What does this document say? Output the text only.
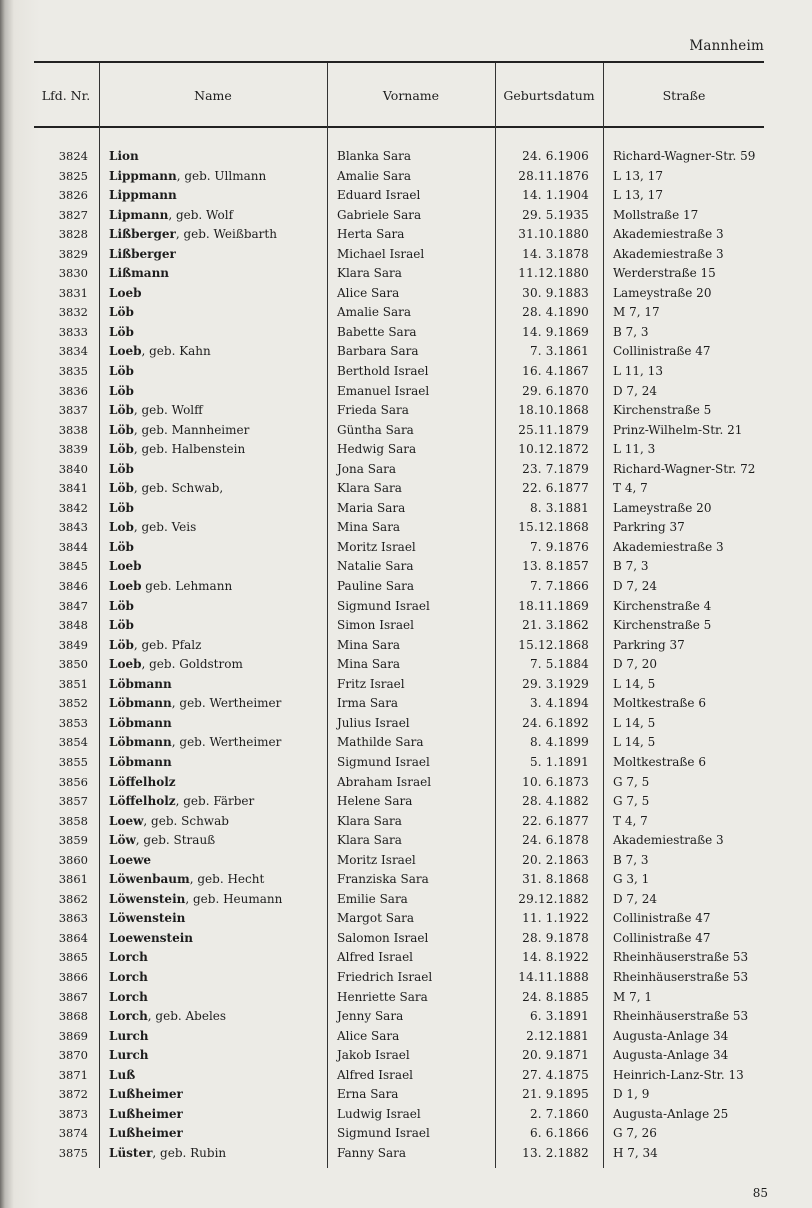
Mannheim
Lfd. Nr.	Name	Vorname	Geburtsdatum	Straße
3824 Lion	Blanka Sara	24. 6.1906 Richard-Wagner-Str. 59
3825 Lippmann, geb. Ullmann	Amalie Sara	28.11.1876 L 13, 17
3826 Lippmann	Eduard Israel	14. 1.1904 L 13, 17
3827 Lipmann, geb. Wolf	Gabriele Sara	29. 5.1935 Mollstraße 17
3828 Lißberger, geb. Weißbarth	Herta Sara	31.10.1880 Akademiestraße 3
3829 Lißberger	Michael Israel	14. 3.1878 Akademiestraße 3
3830 Lißmann	Klara Sara	11.12.1880 Werderstraße 15
3831 Loeb	Alice Sara	30. 9.1883 Lameystraße 20
3832 Löb	Amalie Sara	28. 4.1890 M 7, 17
3833 Löb	Babette Sara	14. 9.1869 B 7, 3
3834 Loeb, geb. Kahn	Barbara Sara	7. 3.1861 Collinistraße 47
3835 Löb	Berthold Israel	16. 4.1867 L 11, 13
3836 Löb	Emanuel Israel	29. 6.1870 D 7, 24
3837 Löb, geb. Wolff	Frieda Sara	18.10.1868 Kirchenstraße 5
3838 Löb, geb. Mannheimer	Güntha Sara	25.11.1879 Prinz-Wilhelm-Str. 21
3839 Löb, geb. Halbenstein	Hedwig Sara	10.12.1872 L 11, 3
3840 Löb	Jona Sara	23. 7.1879 Richard-Wagner-Str. 72
3841 Löb, geb. Schwab,	Klara Sara	22. 6.1877 T 4, 7
3842 Löb	Maria Sara	8. 3.1881 Lameystraße 20
3843 Lob, geb. Veis	Mina Sara	15.12.1868 Parkring 37
3844 Löb	Moritz Israel	7. 9.1876 Akademiestraße 3
3845 Loeb	Natalie Sara	13. 8.1857 B 7, 3
3846 Loeb geb. Lehmann	Pauline Sara	7. 7.1866 D 7, 24
3847 Löb	Sigmund Israel	18.11.1869 Kirchenstraße 4
3848 Löb	Simon Israel	21. 3.1862 Kirchenstraße 5
3849 Löb, geb. Pfalz	Mina Sara	15.12.1868 Parkring 37
3850 Loeb, geb. Goldstrom	Mina Sara	7. 5.1884 D 7, 20
3851 Löbmann	Fritz Israel	29. 3.1929 L 14, 5
3852 Löbmann, geb. Wertheimer	Irma Sara	3. 4.1894 Moltkestraße 6
3853 Löbmann	Julius Israel	24. 6.1892 L 14, 5
3854 Löbmann, geb. Wertheimer	Mathilde Sara	8. 4.1899 L 14, 5
3855 Löbmann	Sigmund Israel	5. 1.1891 Moltkestraße 6
3856 Löffelholz	Abraham Israel	10. 6.1873 G 7, 5
3857 Löffelholz, geb. Färber	Helene Sara	28. 4.1882 G 7, 5
3858 Loew, geb. Schwab	Klara Sara	22. 6.1877 T 4, 7
3859 Löw, geb. Strauß	Klara Sara	24. 6.1878 Akademiestraße 3
3860 Loewe	Moritz Israel	20. 2.1863 B 7, 3
3861 Löwenbaum, geb. Hecht	Franziska Sara	31. 8.1868 G 3, 1
3862 Löwenstein, geb. Heumann	Emilie Sara	29.12.1882 D 7, 24
3863 Löwenstein	Margot Sara	11. 1.1922 Collinistraße 47
3864 Loewenstein	Salomon Israel	28. 9.1878 Collinistraße 47
3865 Lorch	Alfred Israel	14. 8.1922 Rheinhäuserstraße 53
3866 Lorch	Friedrich Israel	14.11.1888 Rheinhäuserstraße 53
3867 Lorch	Henriette Sara	24. 8.1885 M 7, 1
3868 Lorch, geb. Abeles	Jenny Sara	6. 3.1891 Rheinhäuserstraße 53
3869 Lurch	Alice Sara	2.12.1881 Augusta-Anlage 34
3870 Lurch	Jakob Israel	20. 9.1871 Augusta-Anlage 34
3871 Luß	Alfred Israel	27. 4.1875 Heinrich-Lanz-Str. 13
3872 Lußheimer	Erna Sara	21. 9.1895 D 1, 9
3873 Lußheimer	Ludwig Israel	2. 7.1860 Augusta-Anlage 25
3874 Lußheimer	Sigmund Israel	6. 6.1866 G 7, 26
3875 Lüster, geb. Rubin	Fanny Sara	13. 2.1882 H 7, 34
85
